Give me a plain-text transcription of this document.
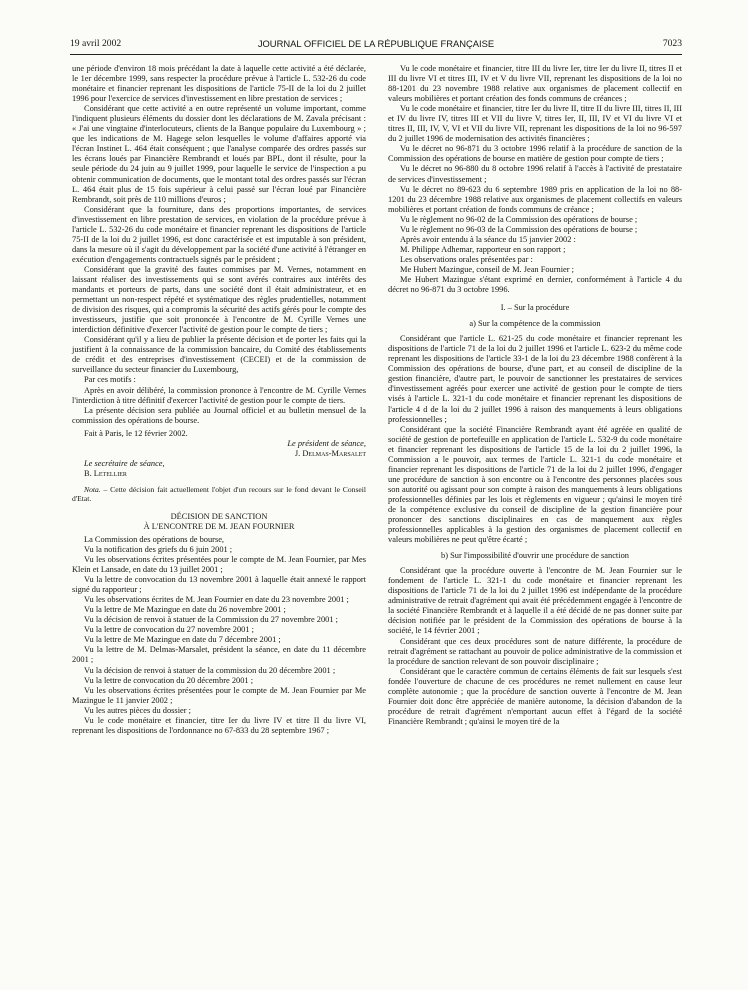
19 avril 2002	JOURNAL OFFICIEL DE LA RÉPUBLIQUE FRANÇAISE	7023

une période d'environ 18 mois précédant la date à laquelle cette activité a été déclarée, le 1er décembre 1999, sans respecter la procédure prévue à l'article L. 532-26 du code monétaire et financier reprenant les dispositions de l'article 75-II de la loi du 2 juillet 1996 pour l'exercice de services d'investissement en libre prestation de services ;

Considérant que cette activité a en outre représenté un volume important, comme l'indiquent plusieurs éléments du dossier dont les déclarations de M. Zavala précisant : « J'ai une vingtaine d'interlocuteurs, clients de la Banque populaire du Luxembourg » ; que les indications de M. Hagege selon lesquelles le volume d'affaires apporté via l'écran Instinet L. 464 était conséquent ; que l'analyse comparée des ordres passés sur les écrans loués par Financière Rembrandt et loués par BPL, dont il résulte, pour la seule période du 24 juin au 9 juillet 1999, pour laquelle le service de l'inspection a pu obtenir communication de documents, que le montant total des ordres passés sur l'écran L. 464 était plus de 15 fois supérieur à celui passé sur l'écran loué par Financière Rembrandt, soit près de 110 millions d'euros ;

Considérant que la fourniture, dans des proportions importantes, de services d'investissement en libre prestation de services, en violation de la procédure prévue à l'article L. 532-26 du code monétaire et financier reprenant les dispositions de l'article 75-II de la loi du 2 juillet 1996, est donc caractérisée et est imputable à son président, dans la mesure où il s'agit du développement par la société d'une activité à l'étranger en exécution d'engagements contractuels signés par le président ;

Considérant que la gravité des fautes commises par M. Vernes, notamment en laissant réaliser des investissements qui se sont avérés contraires aux intérêts des mandants et porteurs de parts, dans une société dont il était administrateur, et en permettant un non-respect répété et systématique des règles prudentielles, notamment de division des risques, qui a compromis la sécurité des actifs gérés pour le compte des investisseurs, justifie que soit prononcée à l'encontre de M. Cyrille Vernes une interdiction définitive d'exercer l'activité de gestion pour le compte de tiers ;

Considérant qu'il y a lieu de publier la présente décision et de porter les faits qui la justifient à la connaissance de la commission bancaire, du Comité des établissements de crédit et des entreprises d'investissement (CECEI) et de la commission de surveillance du secteur financier du Luxembourg,

Par ces motifs :

Après en avoir délibéré, la commission prononce à l'encontre de M. Cyrille Vernes l'interdiction à titre définitif d'exercer l'activité de gestion pour le compte de tiers.

La présente décision sera publiée au Journal officiel et au bulletin mensuel de la commission des opérations de bourse.

Fait à Paris, le 12 février 2002.

Le président de séance,

J. Delmas-Marsalet

Le secrétaire de séance,

B. Letellier

Nota. – Cette décision fait actuellement l'objet d'un recours sur le fond devant le Conseil d'Etat.

DÉCISION DE SANCTION

À L'ENCONTRE DE M. JEAN FOURNIER

La Commission des opérations de bourse,

Vu la notification des griefs du 6 juin 2001 ;

Vu les observations écrites présentées pour le compte de M. Jean Fournier, par Mes Klein et Lansade, en date du 13 juillet 2001 ;

Vu la lettre de convocation du 13 novembre 2001 à laquelle était annexé le rapport signé du rapporteur ;

Vu les observations écrites de M. Jean Fournier en date du 23 novembre 2001 ;

Vu la lettre de Me Mazingue en date du 26 novembre 2001 ;

Vu la décision de renvoi à statuer de la Commission du 27 novembre 2001 ;

Vu la lettre de convocation du 27 novembre 2001 ;

Vu la lettre de Me Mazingue en date du 7 décembre 2001 ;

Vu la lettre de M. Delmas-Marsalet, président la séance, en date du 11 décembre 2001 ;

Vu la décision de renvoi à statuer de la commission du 20 décembre 2001 ;

Vu la lettre de convocation du 20 décembre 2001 ;

Vu les observations écrites présentées pour le compte de M. Jean Fournier par Me Mazingue le 11 janvier 2002 ;

Vu les autres pièces du dossier ;

Vu le code monétaire et financier, titre Ier du livre IV et titre II du livre VI, reprenant les dispositions de l'ordonnance no 67-833 du 28 septembre 1967 ;

Vu le code monétaire et financier, titre III du livre Ier, titre Ier du livre II, titres II et III du livre VI et titres III, IV et V du livre VII, reprenant les dispositions de la loi no 88-1201 du 23 novembre 1988 relative aux organismes de placement collectif en valeurs mobilières et portant création des fonds communs de créances ;

Vu le code monétaire et financier, titre Ier du livre II, titre II du livre III, titres II, III et IV du livre IV, titres III et VII du livre V, titres Ier, II, III, IV et VI du livre VI et titres II, III, IV, V, VI et VII du livre VII, reprenant les dispositions de la loi no 96-597 du 2 juillet 1996 de modernisation des activités financières ;

Vu le décret no 96-871 du 3 octobre 1996 relatif à la procédure de sanction de la Commission des opérations de bourse en matière de gestion pour compte de tiers ;

Vu le décret no 96-880 du 8 octobre 1996 relatif à l'accès à l'activité de prestataire de services d'investissement ;

Vu le décret no 89-623 du 6 septembre 1989 pris en application de la loi no 88-1201 du 23 décembre 1988 relative aux organismes de placement collectifs en valeurs mobilières et portant création de fonds communs de créance ;

Vu le règlement no 96-02 de la Commission des opérations de bourse ;

Vu le règlement no 96-03 de la Commission des opérations de bourse ;

Après avoir entendu à la séance du 15 janvier 2002 :

M. Philippe Adhemar, rapporteur en son rapport ;

Les observations orales présentées par :

Me Hubert Mazingue, conseil de M. Jean Fournier ;

Me Hubert Mazingue s'étant exprimé en dernier, conformément à l'article 4 du décret no 96-871 du 3 octobre 1996.

I. – Sur la procédure

a) Sur la compétence de la commission

Considérant que l'article L. 621-25 du code monétaire et financier reprenant les dispositions de l'article 71 de la loi du 2 juillet 1996 et l'article L. 623-2 du même code reprenant les dispositions de l'article 33-1 de la loi du 23 décembre 1988 confèrent à la Commission des opérations de bourse, d'une part, et au conseil de discipline de la gestion financière, d'autre part, le pouvoir de sanctionner les prestataires de services d'investissement agréés pour exercer une activité de gestion pour le compte de tiers visés à l'article L. 321-1 du code monétaire et financier reprenant les dispositions de l'article 4 d de la loi du 2 juillet 1996 à raison des manquements à leurs obligations professionnelles ;

Considérant que la société Financière Rembrandt ayant été agréée en qualité de société de gestion de portefeuille en application de l'article L. 532-9 du code monétaire et financier reprenant les dispositions de l'article 15 de la loi du 2 juillet 1996, la Commission a le pouvoir, aux termes de l'article L. 321-1 du code monétaire et financier reprenant les dispositions de l'article 71 de la loi du 2 juillet 1996, d'engager une procédure de sanction à son encontre ou à l'encontre des personnes placées sous son autorité ou agissant pour son compte à raison des manquements à leurs obligations professionnelles définies par les lois et règlements en vigueur ; qu'ainsi le moyen tiré de la compétence exclusive du conseil de discipline de la gestion financière pour prononcer des sanctions disciplinaires en cas de manquement aux règles professionnelles applicables à la gestion des organismes de placement collectif en valeurs mobilières ne peut qu'être écarté ;

b) Sur l'impossibilité d'ouvrir une procédure de sanction

Considérant que la procédure ouverte à l'encontre de M. Jean Fournier sur le fondement de l'article L. 321-1 du code monétaire et financier reprenant les dispositions de l'article 71 de la loi du 2 juillet 1996 est indépendante de la procédure administrative de retrait d'agrément qui avait été précédemment engagée à l'encontre de la société Financière Rembrandt et à laquelle il a été décidé de ne pas donner suite par décision notifiée par le président de la Commission des opérations de bourse à la société, le 14 février 2001 ;

Considérant que ces deux procédures sont de nature différente, la procédure de retrait d'agrément se rattachant au pouvoir de police administrative de la commission et la procédure de sanction relevant de son pouvoir disciplinaire ;

Considérant que le caractère commun de certains éléments de fait sur lesquels s'est fondée l'ouverture de chacune de ces procédures ne remet nullement en cause leur complète autonomie ; que la procédure de sanction ouverte à l'encontre de M. Jean Fournier doit donc être appréciée de manière autonome, la décision d'abandon de la procédure de retrait d'agrément n'emportant aucun effet à l'égard de la société Financière Rembrandt ; qu'ainsi le moyen tiré de la
